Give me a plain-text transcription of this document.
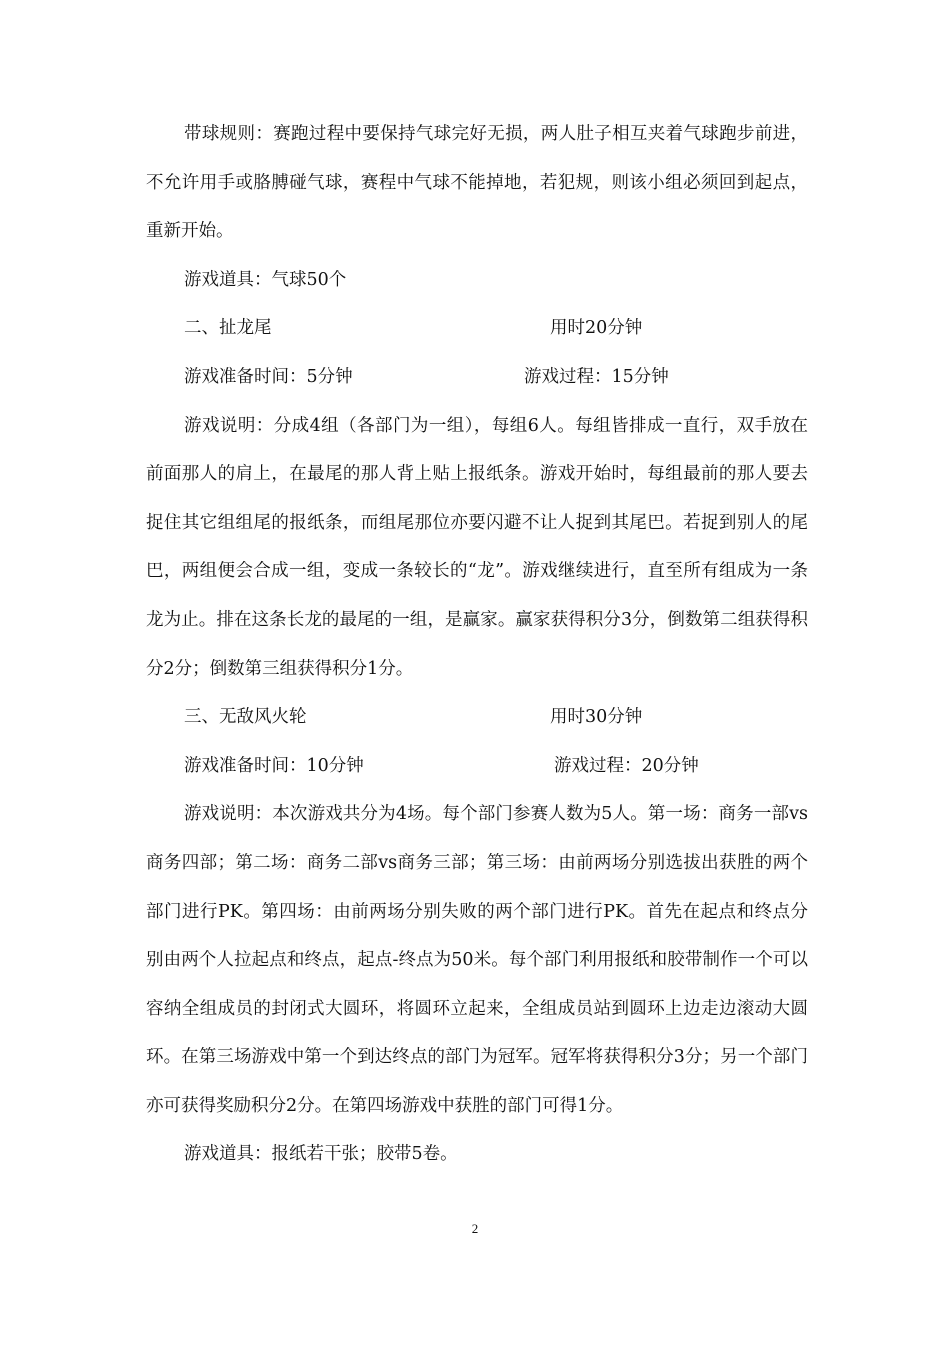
带球规则：赛跑过程中要保持气球完好无损，两人肚子相互夹着气球跑步前进，不允许用手或胳膊碰气球，赛程中气球不能掉地，若犯规，则该小组必须回到起点，重新开始。

游戏道具：气球50个

二、扯龙尾	用时20分钟
游戏准备时间：5分钟	游戏过程：15分钟

游戏说明：分成4组（各部门为一组），每组6人。每组皆排成一直行，双手放在前面那人的肩上，在最尾的那人背上贴上报纸条。游戏开始时，每组最前的那人要去捉住其它组组尾的报纸条，而组尾那位亦要闪避不让人捉到其尾巴。若捉到别人的尾巴，两组便会合成一组，变成一条较长的“龙”。游戏继续进行，直至所有组成为一条龙为止。排在这条长龙的最尾的一组，是赢家。赢家获得积分3分，倒数第二组获得积分2分；倒数第三组获得积分1分。

三、无敌风火轮	用时30分钟
游戏准备时间：10分钟	游戏过程：20分钟

游戏说明：本次游戏共分为4场。每个部门参赛人数为5人。第一场：商务一部vs商务四部；第二场：商务二部vs商务三部；第三场：由前两场分别选拔出获胜的两个部门进行PK。第四场：由前两场分别失败的两个部门进行PK。首先在起点和终点分别由两个人拉起点和终点，起点-终点为50米。每个部门利用报纸和胶带制作一个可以容纳全组成员的封闭式大圆环，将圆环立起来，全组成员站到圆环上边走边滚动大圆环。在第三场游戏中第一个到达终点的部门为冠军。冠军将获得积分3分；另一个部门亦可获得奖励积分2分。在第四场游戏中获胜的部门可得1分。

游戏道具：报纸若干张；胶带5卷。

2
